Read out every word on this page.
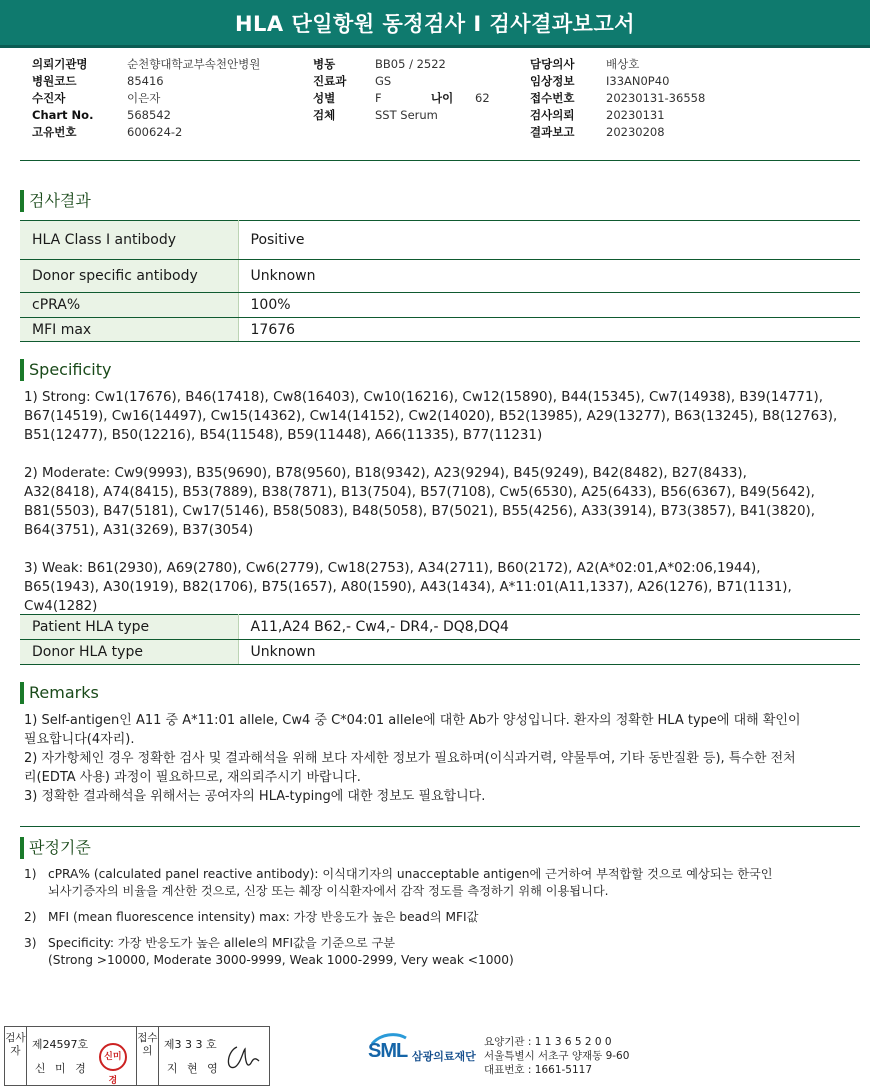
HLA 단일항원 동정검사 I 검사결과보고서
의뢰기관명	순천향대학교부속천안병원
병원코드	85416
수진자	이은자
Chart No.	568542
고유번호	600624-2
병동	BB05 / 2522
진료과	GS
성별	F	나이	62
검체	SST Serum
담당의사	배상호
임상정보	I33AN0P40
접수번호	20230131-36558
검사의뢰	20230131
결과보고	20230208
검사결과
HLA Class I antibody	Positive
Donor specific antibody	Unknown
cPRA%	100%
MFI max	17676
Specificity
1) Strong: Cw1(17676), B46(17418), Cw8(16403), Cw10(16216), Cw12(15890), B44(15345), Cw7(14938), B39(14771),
B67(14519), Cw16(14497), Cw15(14362), Cw14(14152), Cw2(14020), B52(13985), A29(13277), B63(13245), B8(12763),
B51(12477), B50(12216), B54(11548), B59(11448), A66(11335), B77(11231)
2) Moderate: Cw9(9993), B35(9690), B78(9560), B18(9342), A23(9294), B45(9249), B42(8482), B27(8433),
A32(8418), A74(8415), B53(7889), B38(7871), B13(7504), B57(7108), Cw5(6530), A25(6433), B56(6367), B49(5642),
B81(5503), B47(5181), Cw17(5146), B58(5083), B48(5058), B7(5021), B55(4256), A33(3914), B73(3857), B41(3820),
B64(3751), A31(3269), B37(3054)
3) Weak: B61(2930), A69(2780), Cw6(2779), Cw18(2753), A34(2711), B60(2172), A2(A*02:01,A*02:06,1944),
B65(1943), A30(1919), B82(1706), B75(1657), A80(1590), A43(1434), A*11:01(A11,1337), A26(1276), B71(1131),
Cw4(1282)
Patient HLA type	A11,A24 B62,- Cw4,- DR4,- DQ8,DQ4
Donor HLA type	Unknown
Remarks
1) Self-antigen인 A11 중 A*11:01 allele, Cw4 중 C*04:01 allele에 대한 Ab가 양성입니다. 환자의 정확한 HLA type에 대해 확인이
필요합니다(4자리).
2) 자가항체인 경우 정확한 검사 및 결과해석을 위해 보다 자세한 정보가 필요하며(이식과거력, 약물투여, 기타 동반질환 등), 특수한 전처
리(EDTA 사용) 과정이 필요하므로, 재의뢰주시기 바랍니다.
3) 정확한 결과해석을 위해서는 공여자의 HLA-typing에 대한 정보도 필요합니다.
판정기준
1) cPRA% (calculated panel reactive antibody): 이식대기자의 unacceptable antigen에 근거하여 부적합할 것으로 예상되는 한국인
뇌사기증자의 비율을 계산한 것으로, 신장 또는 췌장 이식환자에서 감작 정도를 측정하기 위해 이용됩니다.
2) MFI (mean fluorescence intensity) max: 가장 반응도가 높은 bead의 MFI값
3) Specificity: 가장 반응도가 높은 allele의 MFI값을 기준으로 구분
(Strong >10000, Moderate 3000-9999, Weak 1000-2999, Very weak <1000)
검사자	제24597호
신 미 경
신미경
접수의	제3 3 3 호
지 현 영
SML 삼광의료재단
요양기관 : 1 1 3 6 5 2 0 0
서울특별시 서초구 양재동 9-60
대표번호 : 1661-5117
